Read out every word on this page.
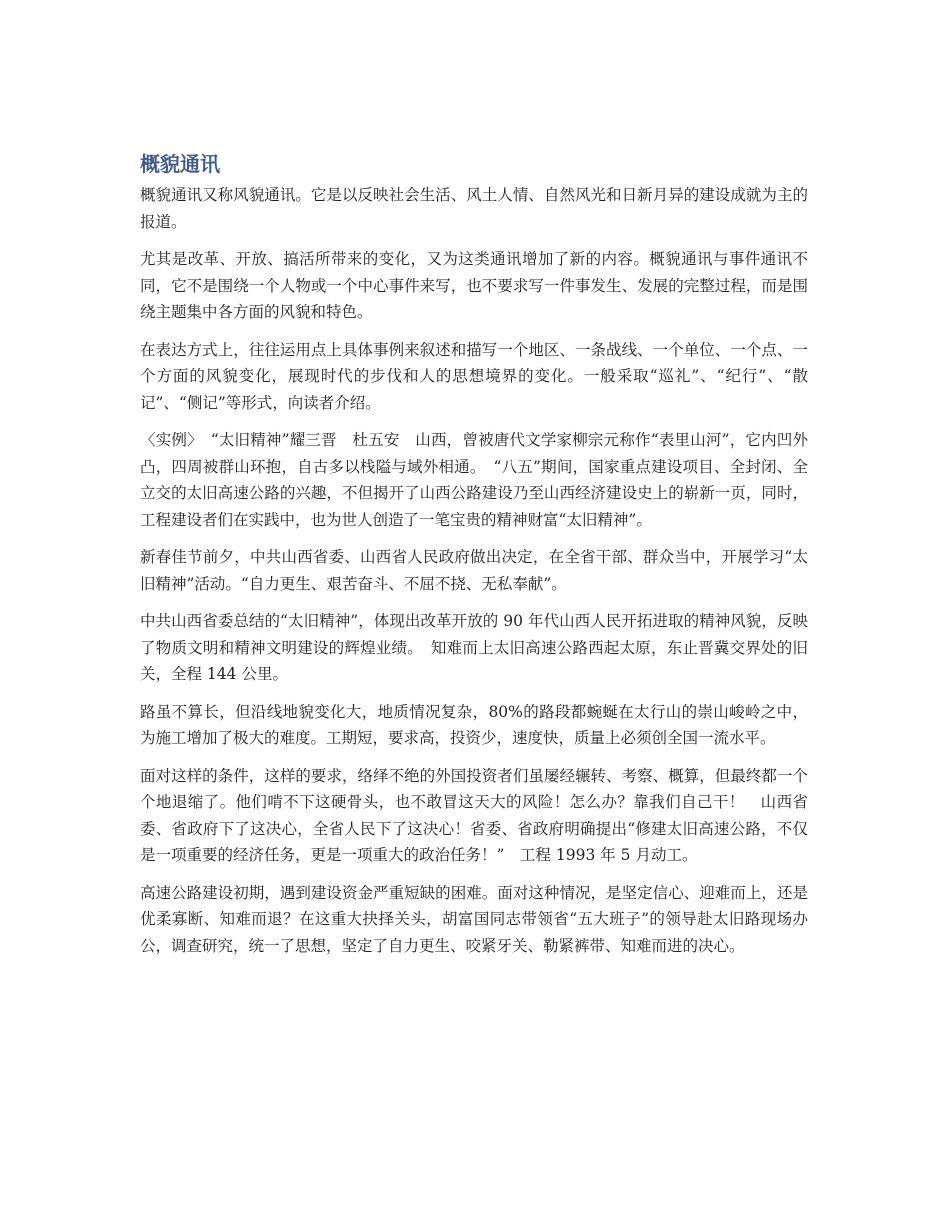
概貌通讯

概貌通讯又称风貌通讯。它是以反映社会生活、风土人情、自然风光和日新月异的建设成就为主的报道。

尤其是改革、开放、搞活所带来的变化，又为这类通讯增加了新的内容。概貌通讯与事件通讯不同，它不是围绕一个人物或一个中心事件来写，也不要求写一件事发生、发展的完整过程，而是围绕主题集中各方面的风貌和特色。

在表达方式上，往往运用点上具体事例来叙述和描写一个地区、一条战线、一个单位、一个点、一个方面的风貌变化，展现时代的步伐和人的思想境界的变化。一般采取“巡礼”、“纪行”、“散记”、“侧记”等形式，向读者介绍。

〈实例〉　“太旧精神”耀三晋　杜五安　山西，曾被唐代文学家柳宗元称作“表里山河”，它内凹外凸，四周被群山环抱，自古多以栈隘与域外相通。　“八五”期间，国家重点建设项目、全封闭、全立交的太旧高速公路的兴趣，不但揭开了山西公路建设乃至山西经济建设史上的崭新一页，同时，工程建设者们在实践中，也为世人创造了一笔宝贵的精神财富“太旧精神”。

新春佳节前夕，中共山西省委、山西省人民政府做出决定，在全省干部、群众当中，开展学习“太旧精神”活动。“自力更生、艰苦奋斗、不屈不挠、无私奉献”。

中共山西省委总结的“太旧精神”，体现出改革开放的 90 年代山西人民开拓进取的精神风貌，反映了物质文明和精神文明建设的辉煌业绩。　知难而上太旧高速公路西起太原，东止晋冀交界处的旧关，全程 144 公里。

路虽不算长，但沿线地貌变化大，地质情况复杂，80%的路段都蜿蜒在太行山的崇山峻岭之中，为施工增加了极大的难度。工期短，要求高，投资少，速度快，质量上必须创全国一流水平。

面对这样的条件，这样的要求，络绎不绝的外国投资者们虽屡经辗转、考察、概算，但最终都一个个地退缩了。他们啃不下这硬骨头，也不敢冒这天大的风险！怎么办？靠我们自己干！　山西省委、省政府下了这决心，全省人民下了这决心！省委、省政府明确提出“修建太旧高速公路，不仅是一项重要的经济任务，更是一项重大的政治任务！”　工程 1993 年 5 月动工。

高速公路建设初期，遇到建设资金严重短缺的困难。面对这种情况，是坚定信心、迎难而上，还是优柔寡断、知难而退？在这重大抉择关头，胡富国同志带领省“五大班子”的领导赴太旧路现场办公，调查研究，统一了思想，坚定了自力更生、咬紧牙关、勒紧裤带、知难而进的决心。
